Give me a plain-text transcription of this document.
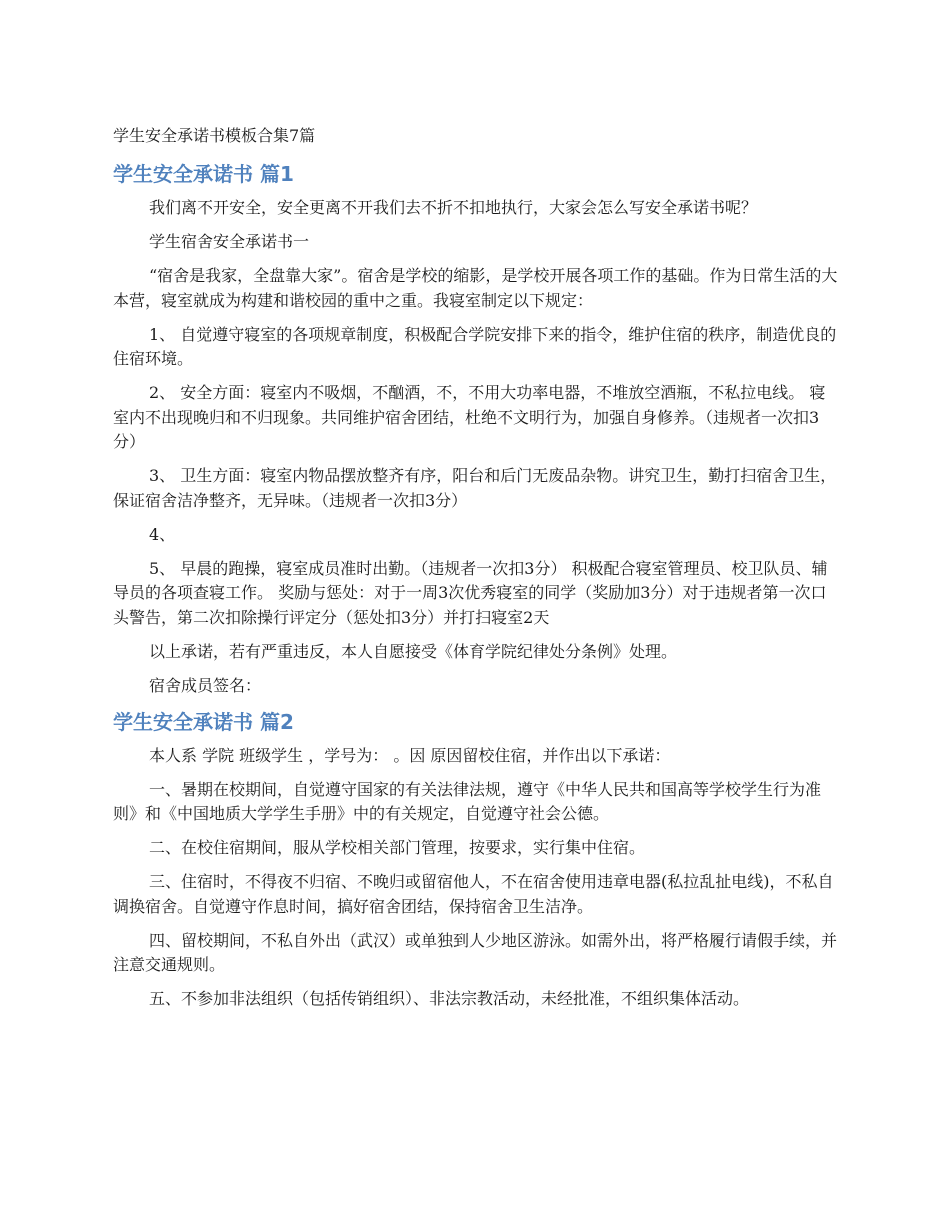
学生安全承诺书模板合集7篇
学生安全承诺书 篇1

我们离不开安全，安全更离不开我们去不折不扣地执行，大家会怎么写安全承诺书呢？

学生宿舍安全承诺书一

“宿舍是我家，全盘靠大家”。宿舍是学校的缩影，是学校开展各项工作的基础。作为日常生活的大本营，寝室就成为构建和谐校园的重中之重。我寝室制定以下规定：

1、 自觉遵守寝室的各项规章制度，积极配合学院安排下来的指令，维护住宿的秩序，制造优良的住宿环境。

2、 安全方面：寝室内不吸烟，不酗酒，不，不用大功率电器，不堆放空酒瓶，不私拉电线。 寝室内不出现晚归和不归现象。共同维护宿舍团结，杜绝不文明行为，加强自身修养。（违规者一次扣3分）

3、 卫生方面：寝室内物品摆放整齐有序，阳台和后门无废品杂物。讲究卫生，勤打扫宿舍卫生，保证宿舍洁净整齐，无异味。（违规者一次扣3分）

4、

5、 早晨的跑操，寝室成员准时出勤。（违规者一次扣3分） 积极配合寝室管理员、校卫队员、辅导员的各项查寝工作。 奖励与惩处：对于一周3次优秀寝室的同学（奖励加3分）对于违规者第一次口头警告，第二次扣除操行评定分（惩处扣3分）并打扫寝室2天

以上承诺，若有严重违反，本人自愿接受《体育学院纪律处分条例》处理。

宿舍成员签名：

学生安全承诺书 篇2

本人系 学院 班级学生 ，学号为： 。因 原因留校住宿，并作出以下承诺：

一、暑期在校期间，自觉遵守国家的有关法律法规，遵守《中华人民共和国高等学校学生行为准则》和《中国地质大学学生手册》中的有关规定，自觉遵守社会公德。

二、在校住宿期间，服从学校相关部门管理，按要求，实行集中住宿。

三、住宿时，不得夜不归宿、不晚归或留宿他人，不在宿舍使用违章电器(私拉乱扯电线)，不私自调换宿舍。自觉遵守作息时间，搞好宿舍团结，保持宿舍卫生洁净。

四、留校期间，不私自外出（武汉）或单独到人少地区游泳。如需外出，将严格履行请假手续，并注意交通规则。

五、不参加非法组织（包括传销组织）、非法宗教活动，未经批准，不组织集体活动。
